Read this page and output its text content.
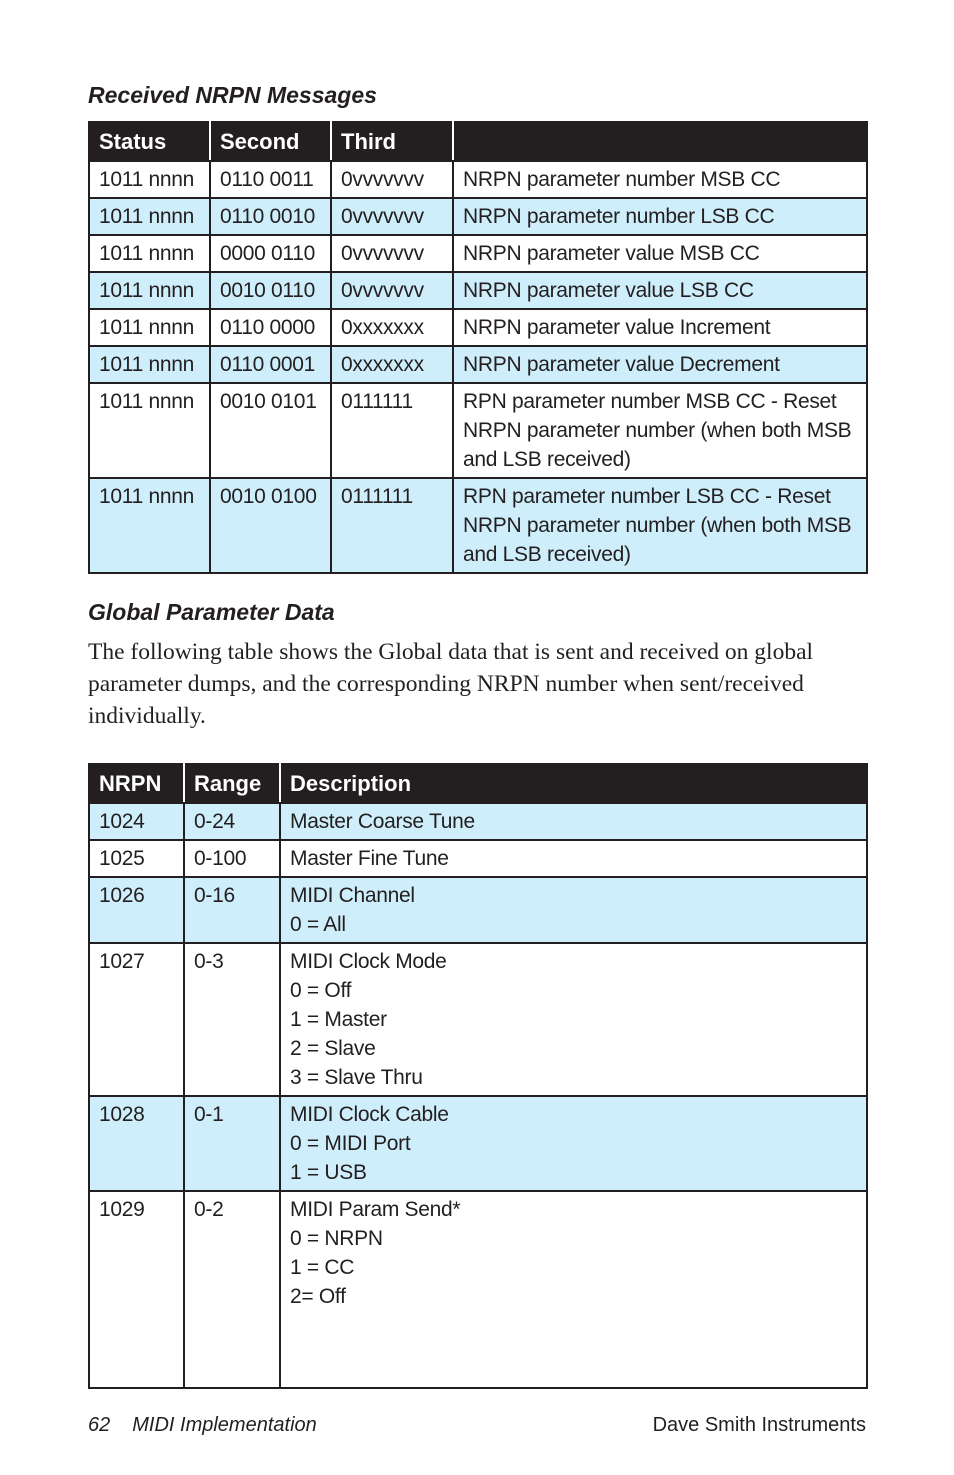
Received NRPN Messages
Status	Second	Third	
1011 nnnn	0110 0011	0vvvvvvv	NRPN parameter number MSB CC
1011 nnnn	0110 0010	0vvvvvvv	NRPN parameter number LSB CC
1011 nnnn	0000 0110	0vvvvvvv	NRPN parameter value MSB CC
1011 nnnn	0010 0110	0vvvvvvv	NRPN parameter value LSB CC
1011 nnnn	0110 0000	0xxxxxxx	NRPN parameter value Increment
1011 nnnn	0110 0001	0xxxxxxx	NRPN parameter value Decrement
1011 nnnn	0010 0101	0111111	RPN parameter number MSB CC - Reset
NRPN parameter number (when both MSB
and LSB received)
1011 nnnn	0010 0100	0111111	RPN parameter number LSB CC - Reset
NRPN parameter number (when both MSB
and LSB received)
Global Parameter Data

The following table shows the Global data that is sent and received on global parameter dumps, and the corresponding NRPN number when sent/received individually.

NRPN	Range	Description
1024	0-24	Master Coarse Tune
1025	0-100	Master Fine Tune
1026	0-16	MIDI Channel
0 = All
1027	0-3	MIDI Clock Mode
0 = Off
1 = Master
2 = Slave
3 = Slave Thru
1028	0-1	MIDI Clock Cable
0 = MIDI Port
1 = USB
1029	0-2	MIDI Param Send*
0 = NRPN
1 = CC
2= Off
62 MIDI Implementation	Dave Smith Instruments
